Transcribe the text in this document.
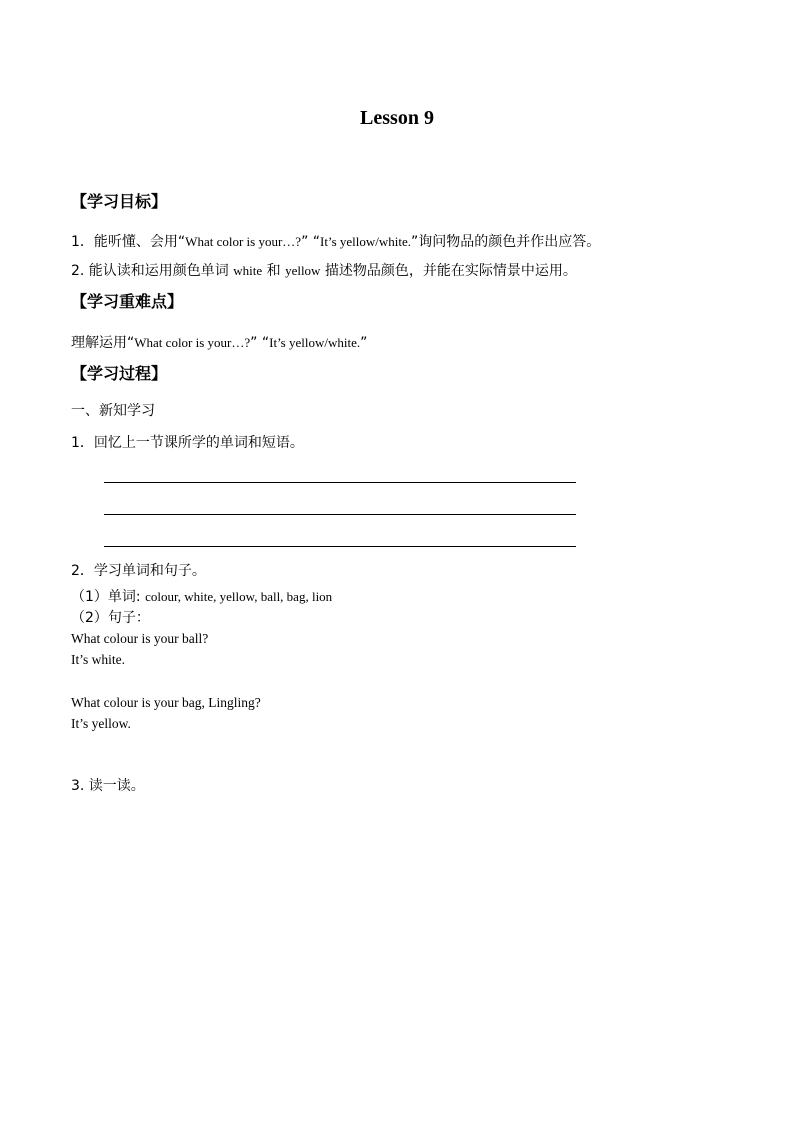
Lesson 9
【学习目标】
1．能听懂、会用“What color is your…?” “It’s yellow/white.”询问物品的颜色并作出应答。
2. 能认读和运用颜色单词 white 和 yellow 描述物品颜色，并能在实际情景中运用。
【学习重难点】
理解运用“What color is your…?” “It’s yellow/white.”
【学习过程】
一、新知学习
1．回忆上一节课所学的单词和短语。
2．学习单词和句子。
（1）单词: colour, white, yellow, ball, bag, lion
（2）句子：
What colour is your ball?
It’s white.
What colour is your bag, Lingling?
It’s yellow.
3. 读一读。
